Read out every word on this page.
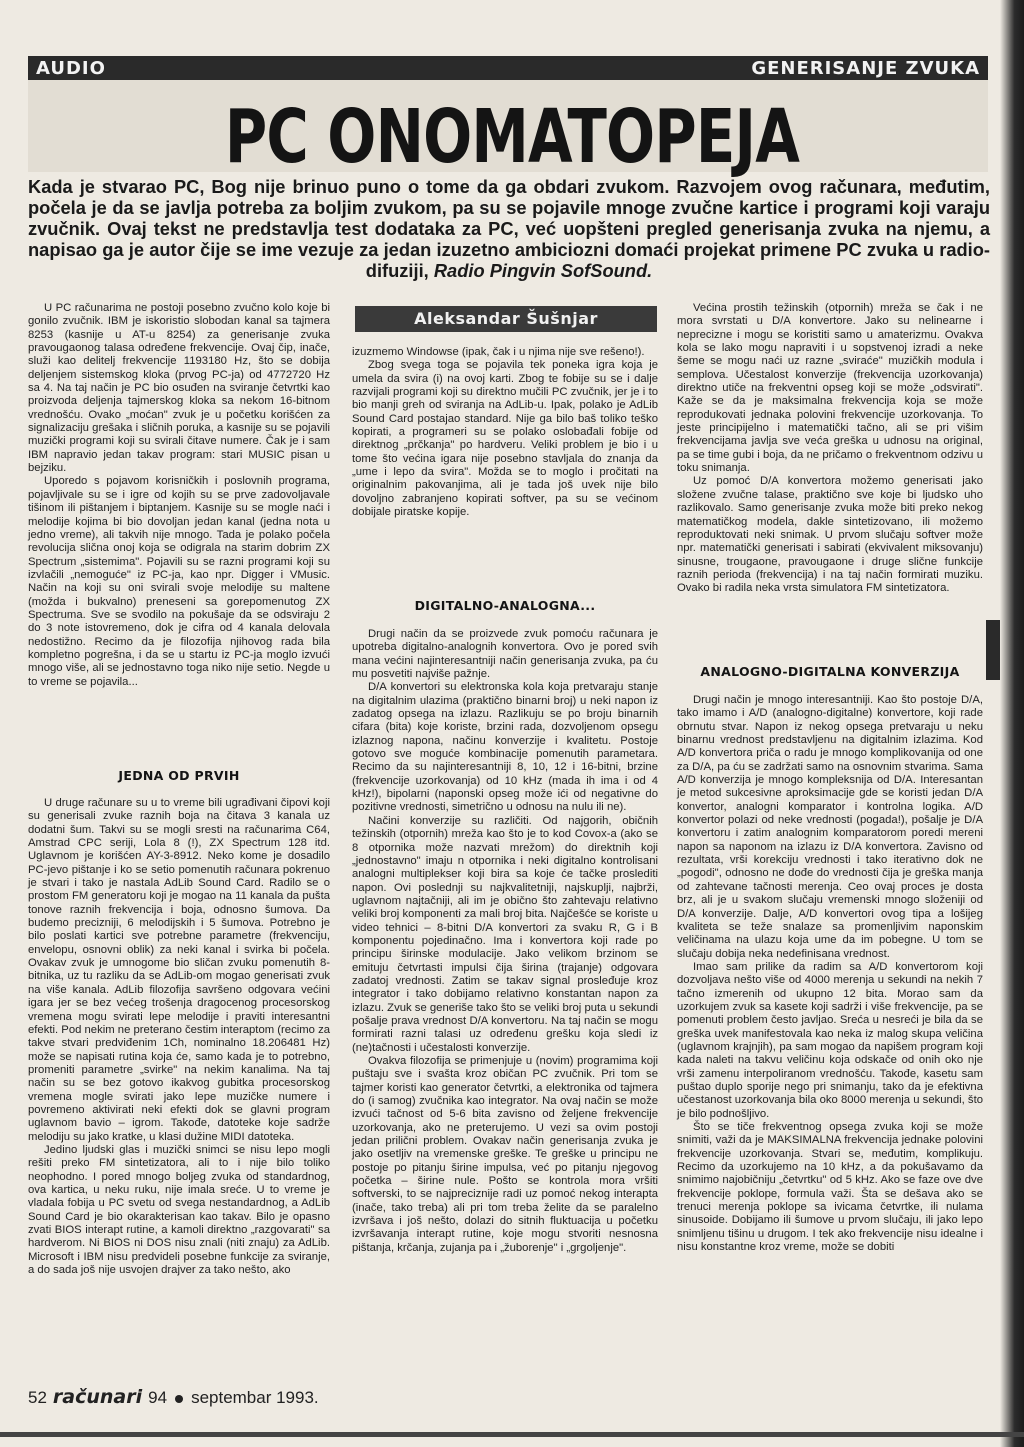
AUDIO	GENERISANJE ZVUKA
PC ONOMATOPEJA
Kada je stvarao PC, Bog nije brinuo puno o tome da ga obdari zvukom. Razvojem ovog računara, međutim, počela je da se javlja potreba za boljim zvukom, pa su se pojavile mnoge zvučne kartice i programi koji varaju zvučnik. Ovaj tekst ne predstavlja test dodataka za PC, već uopšteni pregled generisanja zvuka na njemu, a napisao ga je autor čije se ime vezuje za jedan izuzetno ambiciozni domaći projekat primene PC zvuka u radio-difuziji, Radio Pingvin SofSound.

U PC računarima ne postoji posebno zvučno kolo koje bi gonilo zvučnik. IBM je iskoristio slobodan kanal sa tajmera 8253 (kasnije u AT-u 8254) za generisanje zvuka pravougaonog talasa određene frekvencije. Ovaj čip, inače, služi kao delitelj frekvencije 1193180 Hz, što se dobija deljenjem sistemskog kloka (prvog PC-ja) od 4772720 Hz sa 4. Na taj način je PC bio osuđen na sviranje četvrtki kao proizvoda deljenja tajmerskog kloka sa nekom 16-bitnom vrednošću. Ovako „moćan" zvuk je u početku korišćen za signalizaciju grešaka i sličnih poruka, a kasnije su se pojavili muzički programi koji su svirali čitave numere. Čak je i sam IBM napravio jedan takav program: stari MUSIC pisan u bejziku.

Uporedo s pojavom korisničkih i poslovnih programa, pojavljivale su se i igre od kojih su se prve zadovoljavale tišinom ili pištanjem i biptanjem. Kasnije su se mogle naći i melodije kojima bi bio dovoljan jedan kanal (jedna nota u jedno vreme), ali takvih nije mnogo. Tada je polako počela revolucija slična onoj koja se odigrala na starim dobrim ZX Spectrum „sistemima". Pojavili su se razni programi koji su izvlačili „nemoguće" iz PC-ja, kao npr. Digger i VMusic. Način na koji su oni svirali svoje melodije su maltene (možda i bukvalno) preneseni sa gorepomenutog ZX Spectruma. Sve se svodilo na pokušaje da se odsviraju 2 do 3 note istovremeno, dok je cifra od 4 kanala delovala nedostižno. Recimo da je filozofija njihovog rada bila kompletno pogrešna, i da se u startu iz PC-ja moglo izvući mnogo više, ali se jednostavno toga niko nije setio. Negde u to vreme se pojavila...

JEDNA OD PRVIH

U druge računare su u to vreme bili ugrađivani čipovi koji su generisali zvuke raznih boja na čitava 3 kanala uz dodatni šum. Takvi su se mogli sresti na računarima C64, Amstrad CPC seriji, Lola 8 (!), ZX Spectrum 128 itd. Uglavnom je korišćen AY-3-8912. Neko kome je dosadilo PC-jevo pištanje i ko se setio pomenutih računara pokrenuo je stvari i tako je nastala AdLib Sound Card. Radilo se o prostom FM generatoru koji je mogao na 11 kanala da pušta tonove raznih frekvencija i boja, odnosno šumova. Da budemo precizniji, 6 melodijskih i 5 šumova. Potrebno je bilo poslati kartici sve potrebne parametre (frekvenciju, envelopu, osnovni oblik) za neki kanal i svirka bi počela. Ovakav zvuk je umnogome bio sličan zvuku pomenutih 8-bitnika, uz tu razliku da se AdLib-om mogao generisati zvuk na više kanala. AdLib filozofija savršeno odgovara većini igara jer se bez većeg trošenja dragocenog procesorskog vremena mogu svirati lepe melodije i praviti interesantni efekti. Pod nekim ne preterano čestim interaptom (recimo za takve stvari predviđenim 1Ch, nominalno 18.206481 Hz) može se napisati rutina koja će, samo kada je to potrebno, promeniti parametre „svirke" na nekim kanalima. Na taj način su se bez gotovo ikakvog gubitka procesorskog vremena mogle svirati jako lepe muzičke numere i povremeno aktivirati neki efekti dok se glavni program uglavnom bavio – igrom. Takođe, datoteke koje sadrže melodiju su jako kratke, u klasi dužine MIDI datoteka.

Jedino ljudski glas i muzički snimci se nisu lepo mogli rešiti preko FM sintetizatora, ali to i nije bilo toliko neophodno. I pored mnogo boljeg zvuka od standardnog, ova kartica, u neku ruku, nije imala sreće. U to vreme je vladala fobija u PC svetu od svega nestandardnog, a AdLib Sound Card je bio okarakterisan kao takav. Bilo je opasno zvati BIOS interapt rutine, a kamoli direktno „razgovarati" sa hardverom. Ni BIOS ni DOS nisu znali (niti znaju) za AdLib. Microsoft i IBM nisu predvideli posebne funkcije za sviranje, a do sada još nije usvojen drajver za tako nešto, ako

Aleksandar Šušnjar

izuzmemo Windowse (ipak, čak i u njima nije sve rešeno!).

Zbog svega toga se pojavila tek poneka igra koja je umela da svira (i) na ovoj karti. Zbog te fobije su se i dalje razvijali programi koji su direktno mučili PC zvučnik, jer je i to bio manji greh od sviranja na AdLib-u. Ipak, polako je AdLib Sound Card postajao standard. Nije ga bilo baš toliko teško kopirati, a programeri su se polako oslobađali fobije od direktnog „prčkanja" po hardveru. Veliki problem je bio i u tome što većina igara nije posebno stavljala do znanja da „ume i lepo da svira". Možda se to moglo i pročitati na originalnim pakovanjima, ali je tada još uvek nije bilo dovoljno zabranjeno kopirati softver, pa su se većinom dobijale piratske kopije.

DIGITALNO-ANALOGNA...

Drugi način da se proizvede zvuk pomoću računara je upotreba digitalno-analognih konvertora. Ovo je pored svih mana većini najinteresantniji način generisanja zvuka, pa ću mu posvetiti najviše pažnje.

D/A konvertori su elektronska kola koja pretvaraju stanje na digitalnim ulazima (praktično binarni broj) u neki napon iz zadatog opsega na izlazu. Razlikuju se po broju binarnih cifara (bita) koje koriste, brzini rada, dozvoljenom opsegu izlaznog napona, načinu konverzije i kvalitetu. Postoje gotovo sve moguće kombinacije pomenutih parametara. Recimo da su najinteresantniji 8, 10, 12 i 16-bitni, brzine (frekvencije uzorkovanja) od 10 kHz (mada ih ima i od 4 kHz!), bipolarni (naponski opseg može ići od negativne do pozitivne vrednosti, simetrično u odnosu na nulu ili ne).

Načini konverzije su različiti. Od najgorih, običnih težinskih (otpornih) mreža kao što je to kod Covox-a (ako se 8 otpornika može nazvati mrežom) do direktnih koji „jednostavno" imaju n otpornika i neki digitalno kontrolisani analogni multiplekser koji bira sa koje će tačke proslediti napon. Ovi poslednji su najkvalitetniji, najskuplji, najbrži, uglavnom najtačniji, ali im je obično što zahtevaju relativno veliki broj komponenti za mali broj bita. Najčešće se koriste u video tehnici – 8-bitni D/A konvertori za svaku R, G i B komponentu pojedinačno. Ima i konvertora koji rade po principu širinske modulacije. Jako velikom brzinom se emituju četvrtasti impulsi čija širina (trajanje) odgovara zadatoj vrednosti. Zatim se takav signal prosleđuje kroz integrator i tako dobijamo relativno konstantan napon za izlazu. Zvuk se generiše tako što se veliki broj puta u sekundi pošalje prava vrednost D/A konvertoru. Na taj način se mogu formirati razni talasi uz određenu grešku koja sledi iz (ne)tačnosti i učestalosti konverzije.

Ovakva filozofija se primenjuje u (novim) programima koji puštaju sve i svašta kroz običan PC zvučnik. Pri tom se tajmer koristi kao generator četvrtki, a elektronika od tajmera do (i samog) zvučnika kao integrator. Na ovaj način se može izvući tačnost od 5-6 bita zavisno od željene frekvencije uzorkovanja, ako ne preterujemo. U vezi sa ovim postoji jedan prilični problem. Ovakav način generisanja zvuka je jako osetljiv na vremenske greške. Te greške u principu ne postoje po pitanju širine impulsa, već po pitanju njegovog početka – širine nule. Pošto se kontrola mora vršiti softverski, to se najpreciznije radi uz pomoć nekog interapta (inače, tako treba) ali pri tom treba želite da se paralelno izvršava i još nešto, dolazi do sitnih fluktuacija u početku izvršavanja interapt rutine, koje mogu stvoriti nesnosna pištanja, krčanja, zujanja pa i „žuborenje" i „grgoljenje".

Većina prostih težinskih (otpornih) mreža se čak i ne mora svrstati u D/A konvertore. Jako su nelinearne i neprecizne i mogu se koristiti samo u amaterizmu. Ovakva kola se lako mogu napraviti i u sopstvenoj izradi a neke šeme se mogu naći uz razne „sviraće" muzičkih modula i semplova. Učestalost konverzije (frekvencija uzorkovanja) direktno utiče na frekventni opseg koji se može „odsvirati". Kaže se da je maksimalna frekvencija koja se može reprodukovati jednaka polovini frekvencije uzorkovanja. To jeste principijelno i matematički tačno, ali se pri višim frekvencijama javlja sve veća greška u udnosu na original, pa se time gubi i boja, da ne pričamo o frekventnom odzivu u toku snimanja.

Uz pomoć D/A konvertora možemo generisati jako složene zvučne talase, praktično sve koje bi ljudsko uho razlikovalo. Samo generisanje zvuka može biti preko nekog matematičkog modela, dakle sintetizovano, ili možemo reproduktovati neki snimak. U prvom slučaju softver može npr. matematički generisati i sabirati (ekvivalent miksovanju) sinusne, trougaone, pravougaone i druge slične funkcije raznih perioda (frekvencija) i na taj način formirati muziku. Ovako bi radila neka vrsta simulatora FM sintetizatora.

ANALOGNO-DIGITALNA KONVERZIJA

Drugi način je mnogo interesantniji. Kao što postoje D/A, tako imamo i A/D (analogno-digitalne) konvertore, koji rade obrnutu stvar. Napon iz nekog opsega pretvaraju u neku binarnu vrednost predstavljenu na digitalnim izlazima. Kod A/D konvertora priča o radu je mnogo komplikovanija od one za D/A, pa ću se zadržati samo na osnovnim stvarima. Sama A/D konverzija je mnogo kompleksnija od D/A. Interesantan je metod sukcesivne aproksimacije gde se koristi jedan D/A konvertor, analogni komparator i kontrolna logika. A/D konvertor polazi od neke vrednosti (pogada!), pošalje je D/A konvertoru i zatim analognim komparatorom poredi mereni napon sa naponom na izlazu iz D/A konvertora. Zavisno od rezultata, vrši korekciju vrednosti i tako iterativno dok ne „pogodi", odnosno ne dođe do vrednosti čija je greška manja od zahtevane tačnosti merenja. Ceo ovaj proces je dosta brz, ali je u svakom slučaju vremenski mnogo složeniji od D/A konverzije. Dalje, A/D konvertori ovog tipa a lošijeg kvaliteta se teže snalaze sa promenljivim naponskim veličinama na ulazu koja ume da im pobegne. U tom se slučaju dobija neka nedefinisana vrednost.

Imao sam prilike da radim sa A/D konvertorom koji dozvoljava nešto više od 4000 merenja u sekundi na nekih 7 tačno izmerenih od ukupno 12 bita. Morao sam da uzorkujem zvuk sa kasete koji sadrži i više frekvencije, pa se pomenuti problem često javljao. Sreća u nesreći je bila da se greška uvek manifestovala kao neka iz malog skupa veličina (uglavnom krajnjih), pa sam mogao da napišem program koji kada naleti na takvu veličinu koja odskače od onih oko nje vrši zamenu interpoliranom vrednošću. Takođe, kasetu sam puštao duplo sporije nego pri snimanju, tako da je efektivna učestanost uzorkovanja bila oko 8000 merenja u sekundi, što je bilo podnošljivo.

Što se tiče frekventnog opsega zvuka koji se može snimiti, važi da je MAKSIMALNA frekvencija jednake polovini frekvencije uzorkovanja. Stvari se, međutim, komplikuju. Recimo da uzorkujemo na 10 kHz, a da pokušavamo da snimimo najobičniju „četvrtku" od 5 kHz. Ako se faze ove dve frekvencije poklope, formula važi. Šta se dešava ako se trenuci merenja poklope sa ivicama četvrtke, ili nulama sinusoide. Dobijamo ili šumove u prvom slučaju, ili jako lepo snimljenu tišinu u drugom. I tek ako frekvencije nisu idealne i nisu konstantne kroz vreme, može se dobiti

52 računari 94 septembar 1993.
